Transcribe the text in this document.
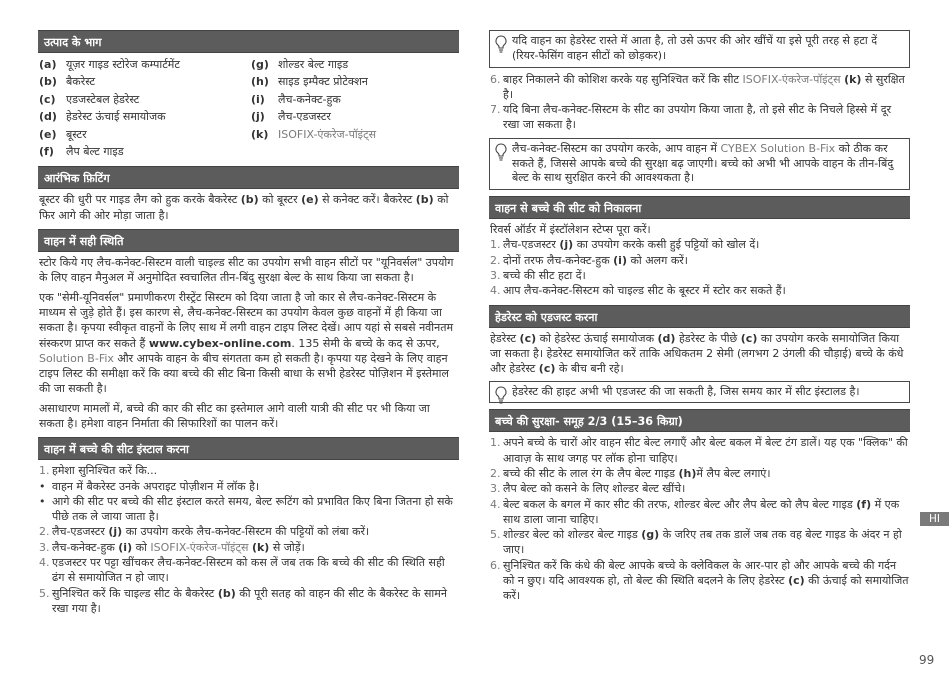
उत्पाद के भाग
(a) यूज़र गाइड स्टोरेज कम्पार्टमेंट	(g) शोल्डर बेल्ट गाइड
(b) बैकरेस्ट	(h) साइड इम्पैक्ट प्रोटेक्शन
(c) एडजस्टेबल हेडरेस्ट	(i)	लैच-कनेक्ट-हुक
(d) हेडरेस्ट ऊंचाई समायोजक	(j)	लैच-एडजस्टर
(e) बूस्टर	(k) ISOFIX-एंकरेज-पॉइंट्स
(f)	लैप बेल्ट गाइड
आरंभिक फ़िटिंग

बूस्टर की धुरी पर गाइड लैग को हुक करके बैकरेस्ट (b) को बूस्टर (e) से कनेक्ट करें। बैकरेस्ट (b) को फिर आगे की ओर मोड़ा जाता है।

वाहन में सही स्थिति

स्टोर किये गए लैच-कनेक्ट-सिस्टम वाली चाइल्ड सीट का उपयोग सभी वाहन सीटों पर "यूनिवर्सल" उपयोग के लिए वाहन मैनुअल में अनुमोदित स्वचालित तीन-बिंदु सुरक्षा बेल्ट के साथ किया जा सकता है।

एक "सेमी-यूनिवर्सल" प्रमाणीकरण रीस्ट्रेंट सिस्टम को दिया जाता है जो कार से लैच-कनेक्ट-सिस्टम के माध्यम से जुड़े होते हैं। इस कारण से, लैच-कनेक्ट-सिस्टम का उपयोग केवल कुछ वाहनों में ही किया जा सकता है। कृपया स्वीकृत वाहनों के लिए साथ में लगी वाहन टाइप लिस्ट देखें। आप यहां से सबसे नवीनतम संस्करण प्राप्त कर सकते हैं www.cybex-online.com. 135 सेमी के बच्चे के कद से ऊपर, Solution B-Fix और आपके वाहन के बीच संगतता कम हो सकती है। कृपया यह देखने के लिए वाहन टाइप लिस्ट की समीक्षा करें कि क्या बच्चे की सीट बिना किसी बाधा के सभी हेडरेस्ट पोज़िशन में इस्तेमाल की जा सकती है।

असाधारण मामलों में, बच्चे की कार की सीट का इस्तेमाल आगे वाली यात्री की सीट पर भी किया जा सकता है। हमेशा वाहन निर्माता की सिफारिशों का पालन करें।

वाहन में बच्चे की सीट इंस्टाल करना
1. हमेशा सुनिश्चित करें कि...
• वाहन में बैकरेस्ट उनके अपराइट पोज़ीशन में लॉक है।
• आगे की सीट पर बच्चे की सीट इंस्टाल करते समय, बेल्ट रूटिंग को प्रभावित किए बिना जितना हो सके पीछे तक ले जाया जाता है।
2. लैच-एडजस्टर (j) का उपयोग करके लैच-कनेक्ट-सिस्टम की पट्टियों को लंबा करें।
3. लैच-कनेक्ट-हुक (i) को ISOFIX-एंकरेज-पॉइंट्स (k) से जोड़ें।
4. एडजस्टर पर पट्टा खींचकर लैच-कनेक्ट-सिस्टम को कस लें जब तक कि बच्चे की सीट की स्थिति सही ढंग से समायोजित न हो जाए।
5. सुनिश्चित करें कि चाइल्ड सीट के बैकरेस्ट (b) की पूरी सतह को वाहन की सीट के बैकरेस्ट के सामने रखा गया है।
यदि वाहन का हेडरेस्ट रास्ते में आता है, तो उसे ऊपर की ओर खींचें या इसे पूरी तरह से हटा दें (रियर-फेसिंग वाहन सीटों को छोड़कर)।
6. बाहर निकालने की कोशिश करके यह सुनिश्चित करें कि सीट ISOFIX-एंकरेज-पॉइंट्स (k) से सुरक्षित है।
7. यदि बिना लैच-कनेक्ट-सिस्टम के सीट का उपयोग किया जाता है, तो इसे सीट के निचले हिस्से में दूर रखा जा सकता है।
लैच-कनेक्ट-सिस्टम का उपयोग करके, आप वाहन में CYBEX Solution B-Fix को ठीक कर सकते हैं, जिससे आपके बच्चे की सुरक्षा बढ़ जाएगी। बच्चे को अभी भी आपके वाहन के तीन-बिंदु बेल्ट के साथ सुरक्षित करने की आवश्यकता है।
वाहन से बच्चे की सीट को निकालना

रिवर्स ऑर्डर में इंस्टॉलेशन स्टेप्स पूरा करें।

1. लैच-एडजस्टर (j) का उपयोग करके कसी हुई पट्टियों को खोल दें।
2. दोनों तरफ लैच-कनेक्ट-हुक (i) को अलग करें।
3. बच्चे की सीट हटा दें।
4. आप लैच-कनेक्ट-सिस्टम को चाइल्ड सीट के बूस्टर में स्टोर कर सकते हैं।
हेडरेस्ट को एडजस्ट करना

हेडरेस्ट (c) को हेडरेस्ट ऊंचाई समायोजक (d) हेडरेस्ट के पीछे (c) का उपयोग करके समायोजित किया जा सकता है। हेडरेस्ट समायोजित करें ताकि अधिकतम 2 सेमी (लगभग 2 उंगली की चौड़ाई) बच्चे के कंधे और हेडरेस्ट (c) के बीच बनी रहे।

हेडरेस्ट की हाइट अभी भी एडजस्ट की जा सकती है, जिस समय कार में सीट इंस्टालड है।
बच्चे की सुरक्षा- समूह 2/3 (15–36 किग्रा)
1. अपने बच्चे के चारों ओर वाहन सीट बेल्ट लगाएँ और बेल्ट बकल में बेल्ट टंग डालें। यह एक "क्लिक" की आवाज़ के साथ जगह पर लॉक होना चाहिए।
2. बच्चे की सीट के लाल रंग के लैप बेल्ट गाइड (h)में लैप बेल्ट लगाएं।
3. लैप बेल्ट को कसने के लिए शोल्डर बेल्ट खींचे।
4. बेल्ट बकल के बगल में कार सीट की तरफ, शोल्डर बेल्ट और लैप बेल्ट को लैप बेल्ट गाइड (f) में एक साथ डाला जाना चाहिए।
5. शोल्डर बेल्ट को शोल्डर बेल्ट गाइड (g) के जरिए तब तक डालें जब तक वह बेल्ट गाइड के अंदर न हो जाए।
6. सुनिश्चित करें कि कंधे की बेल्ट आपके बच्चे के क्लेविकल के आर-पार हो और आपके बच्चे की गर्दन को न छुए। यदि आवश्यक हो, तो बेल्ट की स्थिति बदलने के लिए हेडरेस्ट (c) की ऊंचाई को समायोजित करें।
HI
99
